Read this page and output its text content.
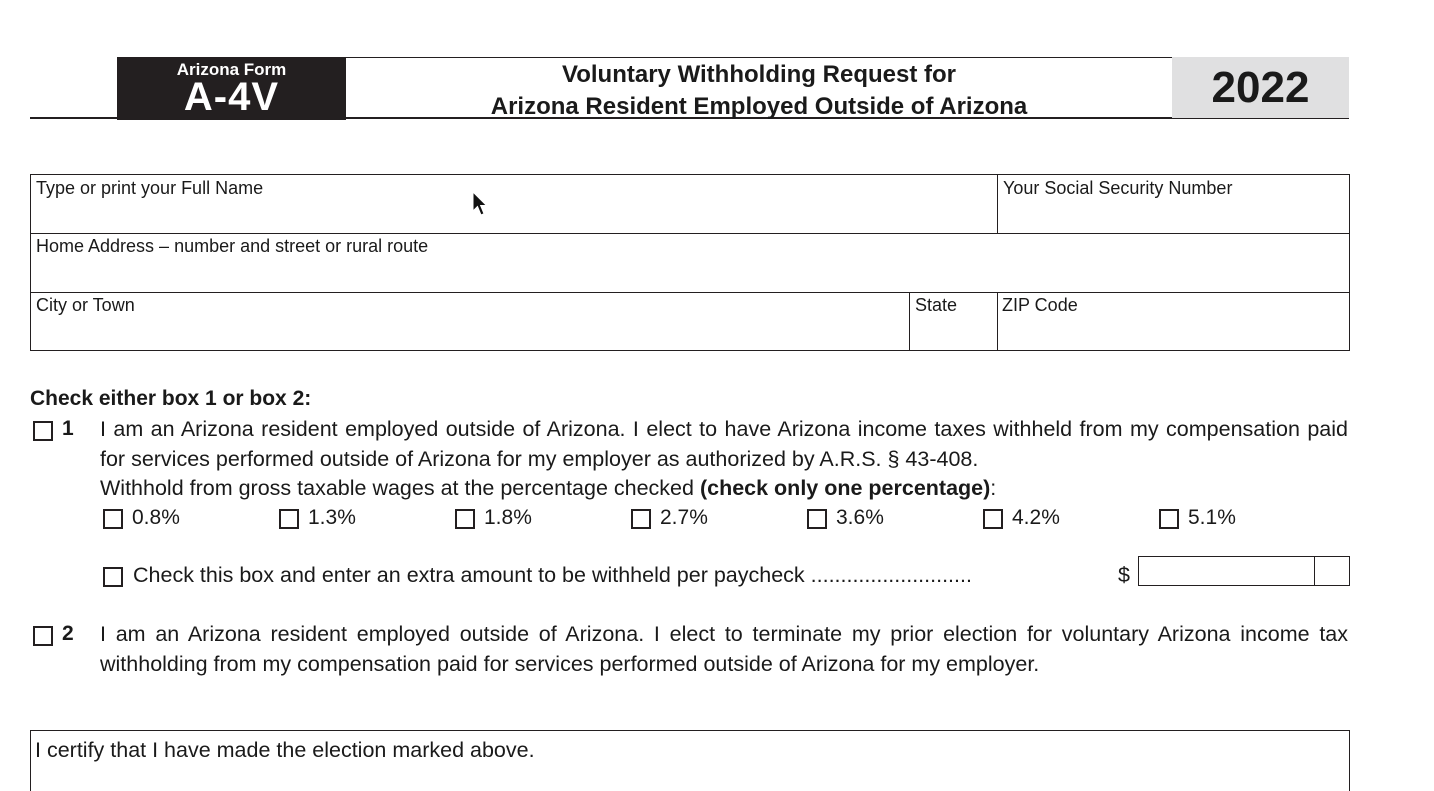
Arizona Form
A-4V
Voluntary Withholding Request for
Arizona Resident Employed Outside of Arizona	2022
Type or print your Full Name	Your Social Security Number
Home Address – number and street or rural route
City or Town	State	ZIP Code
Check either box 1 or box 2:
1 I am an Arizona resident employed outside of Arizona. I elect to have Arizona income taxes withheld from my compensation paid for services performed outside of Arizona for my employer as authorized by A.R.S. § 43-408.
Withhold from gross taxable wages at the percentage checked (check only one percentage):
0.8%	1.3%	1.8%	2.7%	3.6%	4.2%	5.1%
Check this box and enter an extra amount to be withheld per paycheck ...........................	$
2 I am an Arizona resident employed outside of Arizona. I elect to terminate my prior election for voluntary Arizona income tax withholding from my compensation paid for services performed outside of Arizona for my employer.
I certify that I have made the election marked above.
